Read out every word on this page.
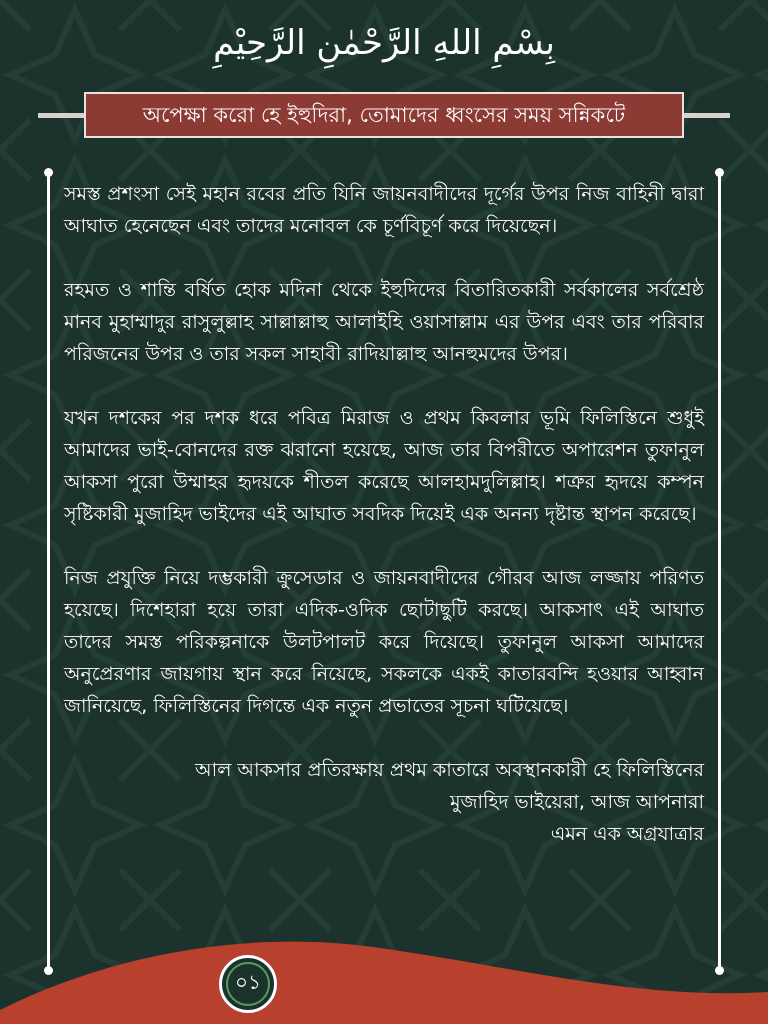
بِسْمِ اللهِ الرَّحْمٰنِ الرَّحِيْمِ
অপেক্ষা করো হে ইহুদিরা, তোমাদের ধ্বংসের সময় সন্নিকটে

সমস্ত প্রশংসা সেই মহান রবের প্রতি যিনি জায়নবাদীদের দূর্গের উপর নিজ বাহিনী দ্বারা আঘাত হেনেছেন এবং তাদের মনোবল কে চূর্ণবিচূর্ণ করে দিয়েছেন।

রহমত ও শান্তি বর্ষিত হোক মদিনা থেকে ইহুদিদের বিতারিতকারী সর্বকালের সর্বশ্রেষ্ঠ মানব মুহাম্মাদুর রাসুলুল্লাহ সাল্লাল্লাহু আলাইহি ওয়াসাল্লাম এর উপর এবং তার পরিবার পরিজনের উপর ও তার সকল সাহাবী রাদিয়াল্লাহু আনহুমদের উপর।

যখন দশকের পর দশক ধরে পবিত্র মিরাজ ও প্রথম কিবলার ভূমি ফিলিস্তিনে শুধুই আমাদের ভাই-বোনদের রক্ত ঝরানো হয়েছে, আজ তার বিপরীতে অপারেশন তুফানুল আকসা পুরো উম্মাহর হৃদয়কে শীতল করেছে আলহামদুলিল্লাহ। শত্রুর হৃদয়ে কম্পন সৃষ্টিকারী মুজাহিদ ভাইদের এই আঘাত সবদিক দিয়েই এক অনন্য দৃষ্টান্ত স্থাপন করেছে।

নিজ প্রযুক্তি নিয়ে দম্ভকারী ক্রুসেডার ও জায়নবাদীদের গৌরব আজ লজ্জায় পরিণত হয়েছে। দিশেহারা হয়ে তারা এদিক-ওদিক ছোটাছুটি করছে। আকসাৎ এই আঘাত তাদের সমস্ত পরিকল্পনাকে উলটপালট করে দিয়েছে। তুফানুল আকসা আমাদের অনুপ্রেরণার জায়গায় স্থান করে নিয়েছে, সকলকে একই কাতারবন্দি হওয়ার আহ্বান জানিয়েছে, ফিলিস্তিনের দিগন্তে এক নতুন প্রভাতের সূচনা ঘটিয়েছে।

আল আকসার প্রতিরক্ষায় প্রথম কাতারে অবস্থানকারী হে ফিলিস্তিনের
মুজাহিদ ভাইয়েরা, আজ আপনারা
এমন এক অগ্রযাত্রার

০১
